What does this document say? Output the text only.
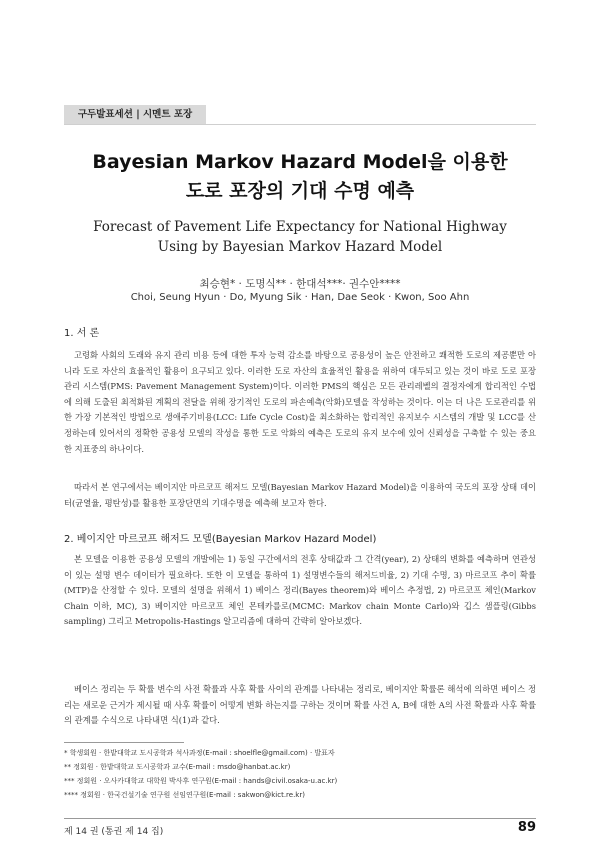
구두발표세션 | 시멘트 포장
Bayesian Markov Hazard Model을 이용한
도로 포장의 기대 수명 예측
Forecast of Pavement Life Expectancy for National Highway
Using by Bayesian Markov Hazard Model
최승현* · 도명식** · 한대석***· 권수안****
Choi, Seung Hyun · Do, Myung Sik · Han, Dae Seok · Kwon, Soo Ahn
1. 서 론

고령화 사회의 도래와 유지 관리 비용 등에 대한 투자 능력 감소를 바탕으로 공용성이 높은 안전하고 쾌적한 도로의 제공뿐만 아니라 도로 자산의 효율적인 활용이 요구되고 있다. 이러한 도로 자산의 효율적인 활용을 위하여 대두되고 있는 것이 바로 도로 포장 관리 시스템(PMS: Pavement Management System)이다. 이러한 PMS의 핵심은 모든 관리레벨의 결정자에게 합리적인 수법에 의해 도출된 최적화된 계획의 전달을 위해 장기적인 도로의 파손예측(악화)모델을 작성하는 것이다. 이는 더 나은 도로관리를 위한 가장 기본적인 방법으로 생애주기비용(LCC: Life Cycle Cost)을 최소화하는 합리적인 유지보수 시스템의 개발 및 LCC를 산정하는데 있어서의 정확한 공용성 모델의 작성을 통한 도로 악화의 예측은 도로의 유지 보수에 있어 신뢰성을 구축할 수 있는 중요한 지표중의 하나이다.

따라서 본 연구에서는 베이지안 마르코프 해저드 모델(Bayesian Markov Hazard Model)을 이용하여 국도의 포장 상태 데이터(균열율, 평탄성)를 활용한 포장단면의 기대수명을 예측해 보고자 한다.

2. 베이지안 마르코프 해저드 모델(Bayesian Markov Hazard Model)

본 모델을 이용한 공용성 모델의 개발에는 1) 동일 구간에서의 전후 상태값과 그 간격(year), 2) 상태의 변화를 예측하며 연관성이 있는 설명 변수 데이터가 필요하다. 또한 이 모델을 통하여 1) 설명변수들의 해저드비율, 2) 기대 수명, 3) 마르코프 추이 확률(MTP)을 산정할 수 있다. 모델의 설명을 위해서 1) 베이스 정리(Bayes theorem)와 베이스 추정법, 2) 마르코프 체인(Markov Chain 이하, MC), 3) 베이지안 마르코프 체인 몬테카를로(MCMC: Markov chain Monte Carlo)와 깁스 샘플링(Gibbs sampling) 그리고 Metropolis-Hastings 알고리즘에 대하여 간략히 알아보겠다.

베이스 정리는 두 확률 변수의 사전 확률과 사후 확률 사이의 관계를 나타내는 정리로, 베이지안 확률론 해석에 의하면 베이스 정리는 새로운 근거가 제시될 때 사후 확률이 어떻게 변화 하는지를 구하는 것이며 확률 사건 A, B에 대한 A의 사전 확률과 사후 확률의 관계를 수식으로 나타내면 식(1)과 같다.

* 학생회원 · 한밭대학교 도시공학과 석사과정(E-mail : shoelfle@gmail.com) · 발표자
** 정회원 · 한밭대학교 도시공학과 교수(E-mail : msdo@hanbat.ac.kr)
*** 정회원 · 오사카대학교 대학원 박사후 연구원(E-mail : hands@civil.osaka-u.ac.kr)
**** 정회원 · 한국건설기술 연구원 선임연구원(E-mail : sakwon@kict.re.kr)
제 14 권 (통권 제 14 집)	89
